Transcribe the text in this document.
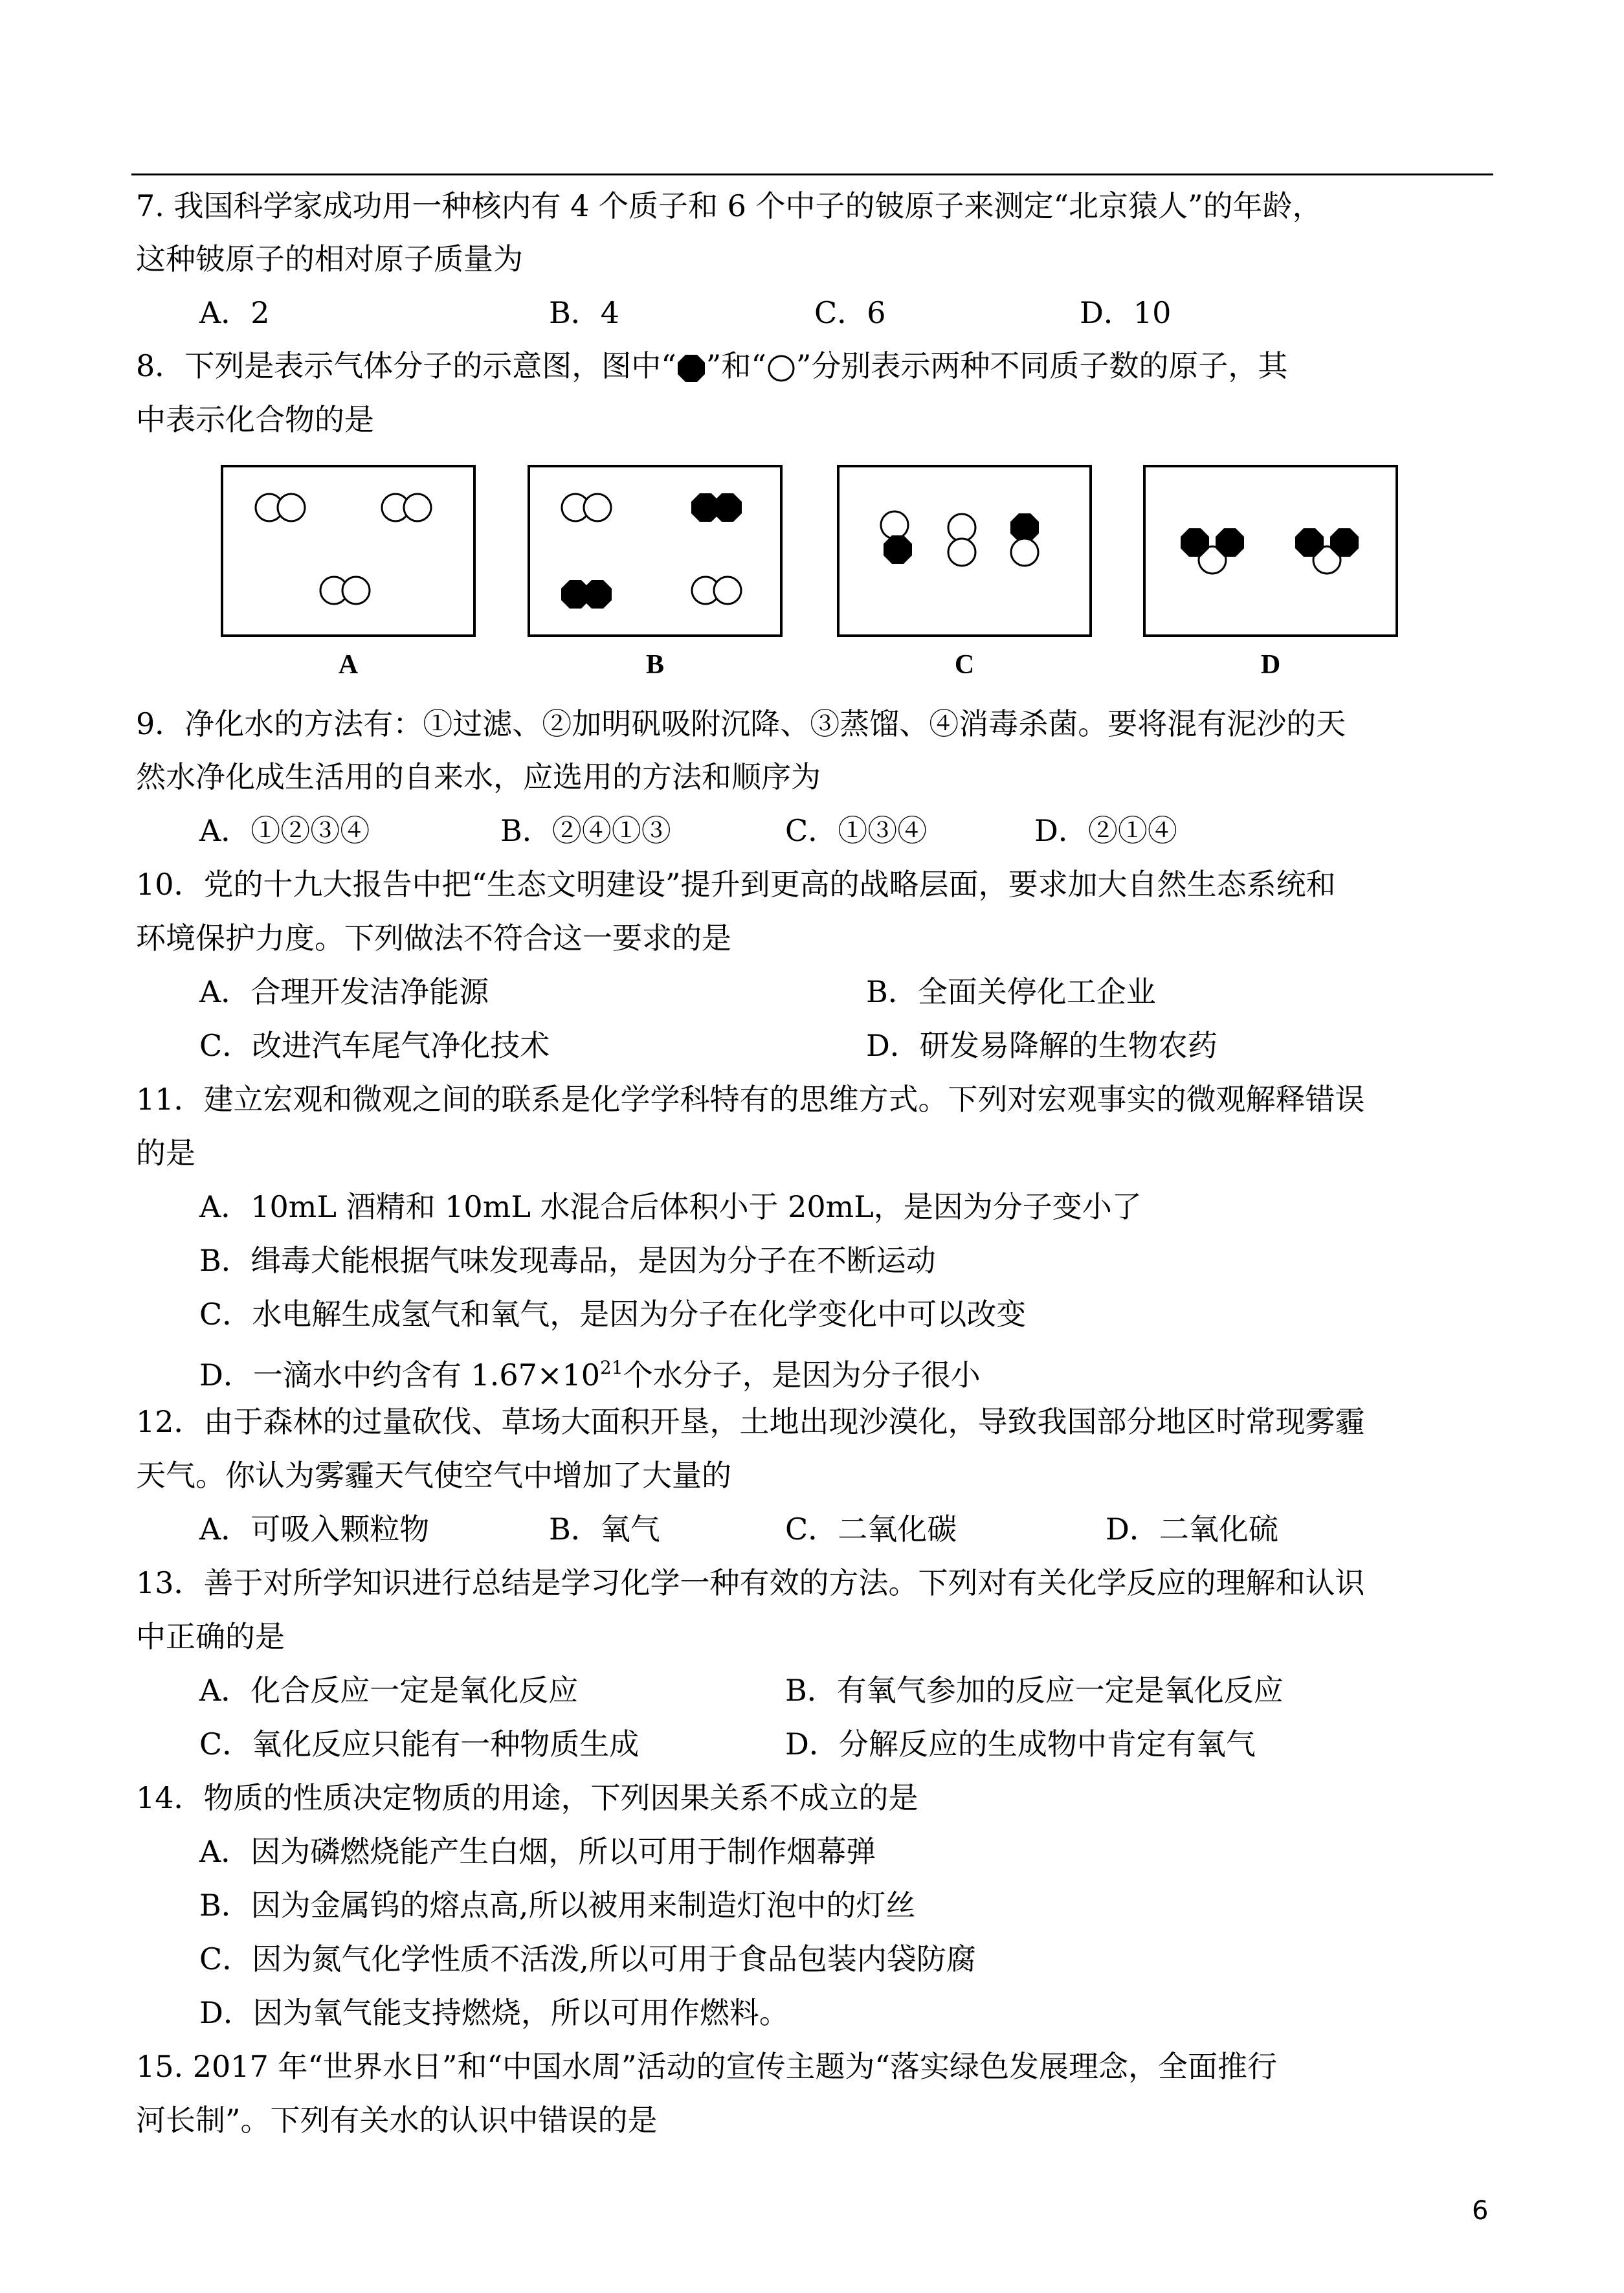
7. 我国科学家成功用一种核内有 4 个质子和 6 个中子的铍原子来测定“北京猿人”的年龄，
这种铍原子的相对原子质量为
A．2	B．4	C．6	D．10
8．下列是表示气体分子的示意图，图中“ ”和“ ”分别表示两种不同质子数的原子，其
中表示化合物的是
A	B	C	D
9．净化水的方法有：①过滤、②加明矾吸附沉降、③蒸馏、④消毒杀菌。要将混有泥沙的天
然水净化成生活用的自来水，应选用的方法和顺序为
A．①②③④	B．②④①③	C．①③④	D．②①④
10．党的十九大报告中把“生态文明建设”提升到更高的战略层面，要求加大自然生态系统和
环境保护力度。下列做法不符合这一要求的是
A．合理开发洁净能源	B．全面关停化工企业
C．改进汽车尾气净化技术	D．研发易降解的生物农药
11．建立宏观和微观之间的联系是化学学科特有的思维方式。下列对宏观事实的微观解释错误
的是
A．10mL 酒精和 10mL 水混合后体积小于 20mL，是因为分子变小了
B．缉毒犬能根据气味发现毒品，是因为分子在不断运动
C．水电解生成氢气和氧气，是因为分子在化学变化中可以改变
D．一滴水中约含有 $1.67\times 10^{21}$个水分子，是因为分子很小
12．由于森林的过量砍伐、草场大面积开垦，土地出现沙漠化，导致我国部分地区时常现雾霾
天气。你认为雾霾天气使空气中增加了大量的
A．可吸入颗粒物	B．氧气	C．二氧化碳	D．二氧化硫
13．善于对所学知识进行总结是学习化学一种有效的方法。下列对有关化学反应的理解和认识
中正确的是
A．化合反应一定是氧化反应	B．有氧气参加的反应一定是氧化反应
C．氧化反应只能有一种物质生成	D．分解反应的生成物中肯定有氧气
14．物质的性质决定物质的用途，下列因果关系不成立的是
A．因为磷燃烧能产生白烟，所以可用于制作烟幕弹
B．因为金属钨的熔点高,所以被用来制造灯泡中的灯丝
C．因为氮气化学性质不活泼,所以可用于食品包装内袋防腐
D．因为氧气能支持燃烧，所以可用作燃料。
15. 2017 年“世界水日”和“中国水周”活动的宣传主题为“落实绿色发展理念，全面推行
河长制”。下列有关水的认识中错误的是
6
